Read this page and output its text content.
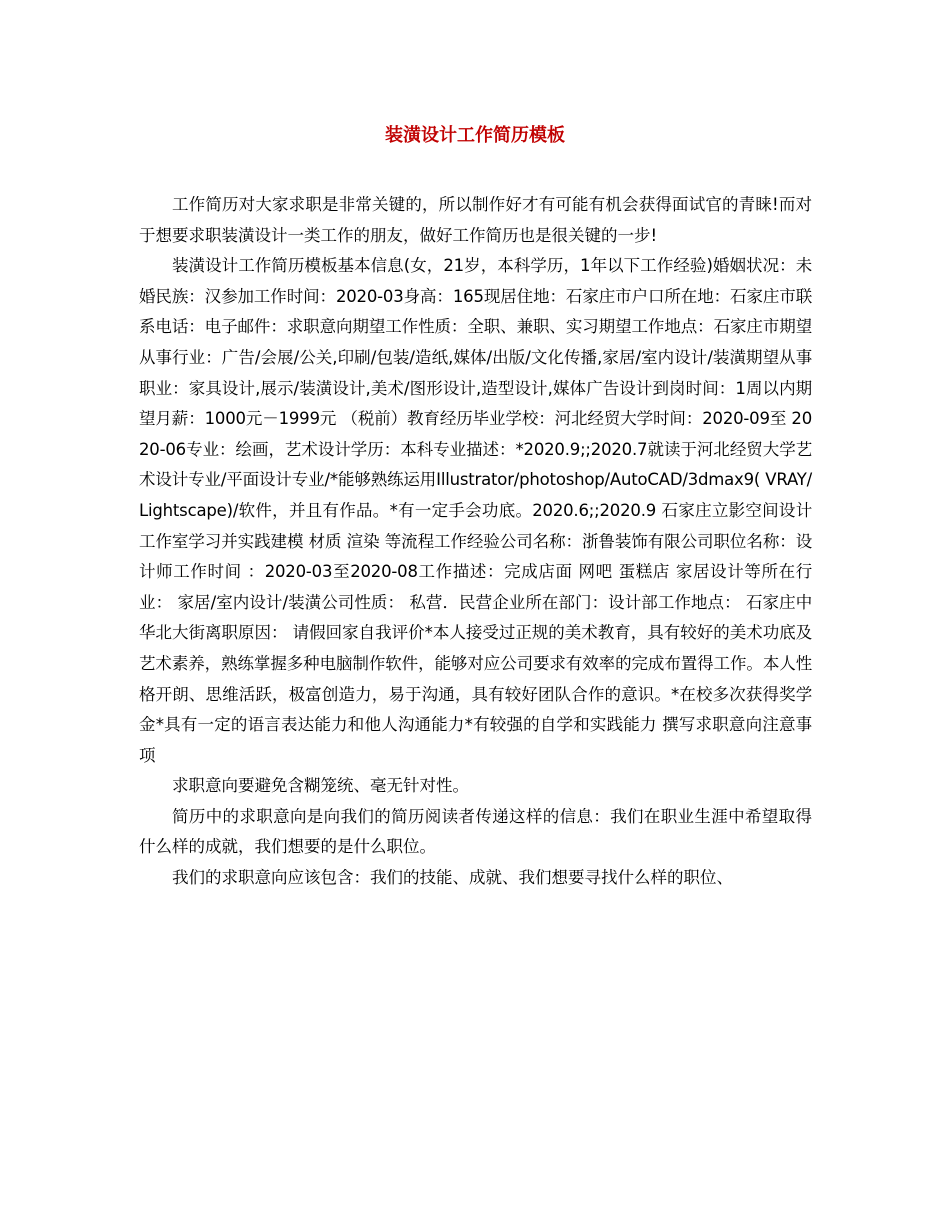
装潢设计工作简历模板

工作简历对大家求职是非常关键的，所以制作好才有可能有机会获得面试官的青睐!而对于想要求职装潢设计一类工作的朋友，做好工作简历也是很关键的一步!

装潢设计工作简历模板基本信息(女，21岁，本科学历，1年以下工作经验)婚姻状况：未婚民族：汉参加工作时间：2020-03身高：165现居住地：石家庄市户口所在地：石家庄市联系电话：电子邮件：求职意向期望工作性质：全职、兼职、实习期望工作地点：石家庄市期望从事行业：广告/会展/公关,印刷/包装/造纸,媒体/出版/文化传播,家居/室内设计/装潢期望从事职业：家具设计,展示/装潢设计,美术/图形设计,造型设计,媒体广告设计到岗时间：1周以内期望月薪：1000元－1999元 （税前）教育经历毕业学校：河北经贸大学时间：2020-09至 2020-06专业：绘画，艺术设计学历：本科专业描述：*2020.9;;2020.7就读于河北经贸大学艺术设计专业/平面设计专业/*能够熟练运用Illustrator/photoshop/AutoCAD/3dmax9( VRAY/Lightscape)/软件，并且有作品。*有一定手会功底。2020.6;;2020.9 石家庄立影空间设计工作室学习并实践建模 材质 渲染 等流程工作经验公司名称：浙鲁装饰有限公司职位名称：设计师工作时间 ：2020-03至2020-08工作描述：完成店面 网吧 蛋糕店 家居设计等所在行业： 家居/室内设计/装潢公司性质： 私营．民营企业所在部门：设计部工作地点： 石家庄中华北大街离职原因： 请假回家自我评价*本人接受过正规的美术教育，具有较好的美术功底及艺术素养，熟练掌握多种电脑制作软件，能够对应公司要求有效率的完成布置得工作。本人性格开朗、思维活跃，极富创造力，易于沟通，具有较好团队合作的意识。*在校多次获得奖学金*具有一定的语言表达能力和他人沟通能力*有较强的自学和实践能力 撰写求职意向注意事项

求职意向要避免含糊笼统、毫无针对性。

简历中的求职意向是向我们的简历阅读者传递这样的信息：我们在职业生涯中希望取得什么样的成就，我们想要的是什么职位。

我们的求职意向应该包含：我们的技能、成就、我们想要寻找什么样的职位、
